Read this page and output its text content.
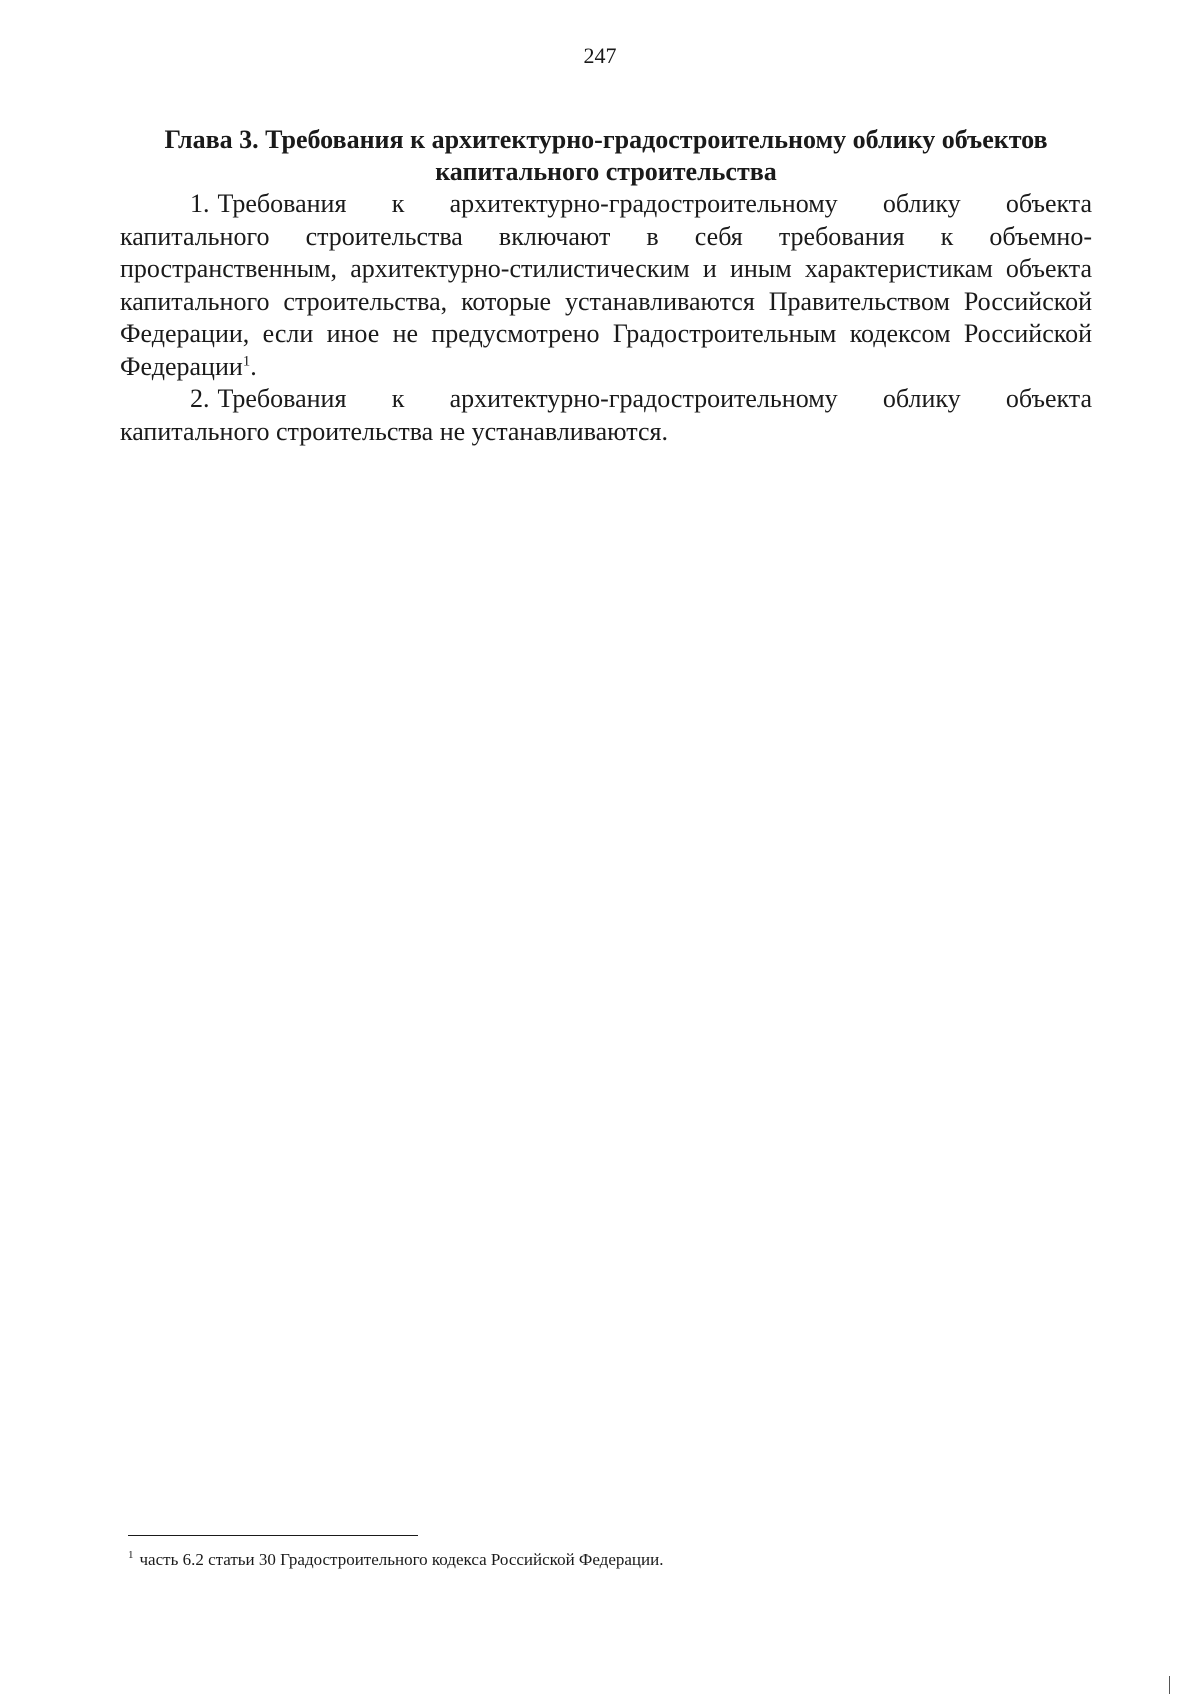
247
Глава 3. Требования к архитектурно-градостроительному облику объектов капитального строительства

1. Требования к архитектурно-градостроительному облику объекта капитального строительства включают в себя требования к объемно-пространственным, архитектурно-стилистическим и иным характеристикам объекта капитального строительства, которые устанавливаются Правительством Российской Федерации, если иное не предусмотрено Градостроительным кодексом Российской Федерации$^1$.

2. Требования к архитектурно-градостроительному облику объекта капитального строительства не устанавливаются.

$^1$ часть 6.2 статьи 30 Градостроительного кодекса Российской Федерации.
